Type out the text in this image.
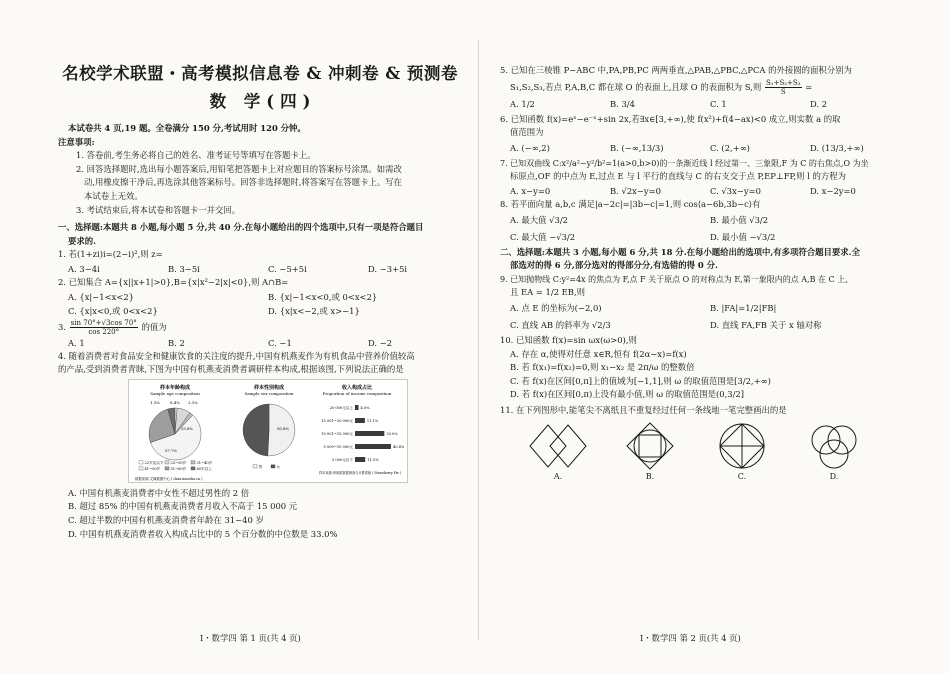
名校学术联盟・高考模拟信息卷 & 冲刺卷 & 预测卷
数 学(四)
本试卷共 4 页,19 题。全卷满分 150 分,考试用时 120 分钟。
注意事项:
1. 答卷前,考生务必将自己的姓名、准考证号等填写在答题卡上。
2. 回答选择题时,选出每小题答案后,用铅笔把答题卡上对应题目的答案标号涂黑。如需改
动,用橡皮擦干净后,再选涂其他答案标号。回答非选择题时,将答案写在答题卡上。写在
本试卷上无效。
3. 考试结束后,将本试卷和答题卡一并交回。
一、选择题:本题共 8 小题,每小题 5 分,共 40 分.在每小题给出的四个选项中,只有一项是符合题目
要求的.
1. 若(1+zi)i=(2−i)²,则 z=
A. 3−4i	B. 3−5i	C. −5+5i	D. −3+5i
2. 已知集合 A={x||x+1|>0},B={x|x²−2|x|<0},则 A∩B=
A. {x|−1<x<2}	B. {x|−1<x<0,或 0<x<2}
C. {x|x<0,或 0<x<2}	D. {x|x<−2,或 x>−1}
3. $\frac{\sin 70^\circ+√3\cos 70^\circ}{\cos 220^\circ}$ 的值为
A. 1	B. 2	C. −1	D. −2
4. 随着消费者对食品安全和健康饮食的关注度的提升,中国有机燕麦作为有机食品中营养价值较高
的产品,受到消费者青睐,下图为中国有机燕麦消费者调研样本构成,根据该图,下列说法正确的是
样本年龄构成
Sample age composition
1.3%	8.4% 2.3%
57.7%
25.8%
22岁及以下 23~30岁	31~40岁
41~50岁	51~60岁	60岁以上
样本性别构成
Sample sex composition
50.8%
男	女
收入构成占比
Proportion of income composition
20 000元以上 4.0%
15 001~20 000元	11.1%
10 001~15 000元	33.0%
5 000~10 000元	40.4%
5 000元以下	11.5%
数据来源:艾媒数据中心 ( data.iimedia.cn )
样本来源:草莓派数据调查与计算系统 ( Strawberry Pie )
A. 中国有机燕麦消费者中女性不超过男性的 2 倍
B. 超过 85% 的中国有机燕麦消费者月收入不高于 15 000 元
C. 超过半数的中国有机燕麦消费者年龄在 31~40 岁
D. 中国有机燕麦消费者收入构成占比中的 5 个百分数的中位数是 33.0%
5. 已知在三棱锥 P−ABC 中,PA,PB,PC 两两垂直,△PAB,△PBC,△PCA 的外接圆的面积分别为
S₁,S₂,S₃,若点 P,A,B,C 都在球 O 的表面上,且球 O 的表面积为 S,则 $\frac{\text{S₁+S₂+S₃}}{S}$ =
A. 1/2	B. 3/4	C. 1	D. 2
6. 已知函数 f(x)=eˣ−e⁻ˣ+sin 2x,若∃x∈[3,+∞),使 f(x²)+f(4−ax)<0 成立,则实数 a 的取
值范围为
A. (−∞,2)	B. (−∞,13/3)	C. (2,+∞)	D. (13/3,+∞)
7. 已知双曲线 C:x²/a²−y²/b²=1(a>0,b>0)的一条渐近线 l 经过第一、三象限,F 为 C 的右焦点,O 为坐
标原点,OF 的中点为 E,过点 E 与 l 平行的直线与 C 的右支交于点 P,EP⊥FP,则 l 的方程为
A. x−y=0	B. √2x−y=0	C. √3x−y=0	D. x−2y=0
8. 若平面向量 a,b,c 满足|a−2c|=|3b−c|=1,则 cos⟨a−6b,3b−c⟩有
A. 最大值 √3/2	B. 最小值 √3/2
C. 最大值 −√3/2	D. 最小值 −√3/2
二、选择题:本题共 3 小题,每小题 6 分,共 18 分.在每小题给出的选项中,有多项符合题目要求.全
部选对的得 6 分,部分选对的得部分分,有选错的得 0 分.
9. 已知抛物线 C:y²=4x 的焦点为 F,点 F 关于原点 O 的对称点为 E,第一象限内的点 A,B 在 C 上,
且 EA = 1/2 EB,则
A. 点 E 的坐标为(−2,0)	B. |FA|=1/2|FB|
C. 直线 AB 的斜率为 √2/3	D. 直线 FA,FB 关于 x 轴对称
10. 已知函数 f(x)=sin ωx(ω>0),则
A. 存在 α,使得对任意 x∈R,恒有 f(2α−x)=f(x)
B. 若 f(x₁)=f(x₂)=0,则 x₁−x₂ 是 2π/ω 的整数倍
C. 若 f(x)在区间[0,π]上的值域为[−1,1],则 ω 的取值范围是[3/2,+∞)
D. 若 f(x)在区间[0,π)上没有最小值,则 ω 的取值范围是(0,3/2]
11. 在下列图形中,能笔尖不离纸且不重复经过任何一条线地一笔完整画出的是
A.	B.	C.	D.
Ⅰ・数学四 第 1 页(共 4 页)	Ⅰ・数学四 第 2 页(共 4 页)
